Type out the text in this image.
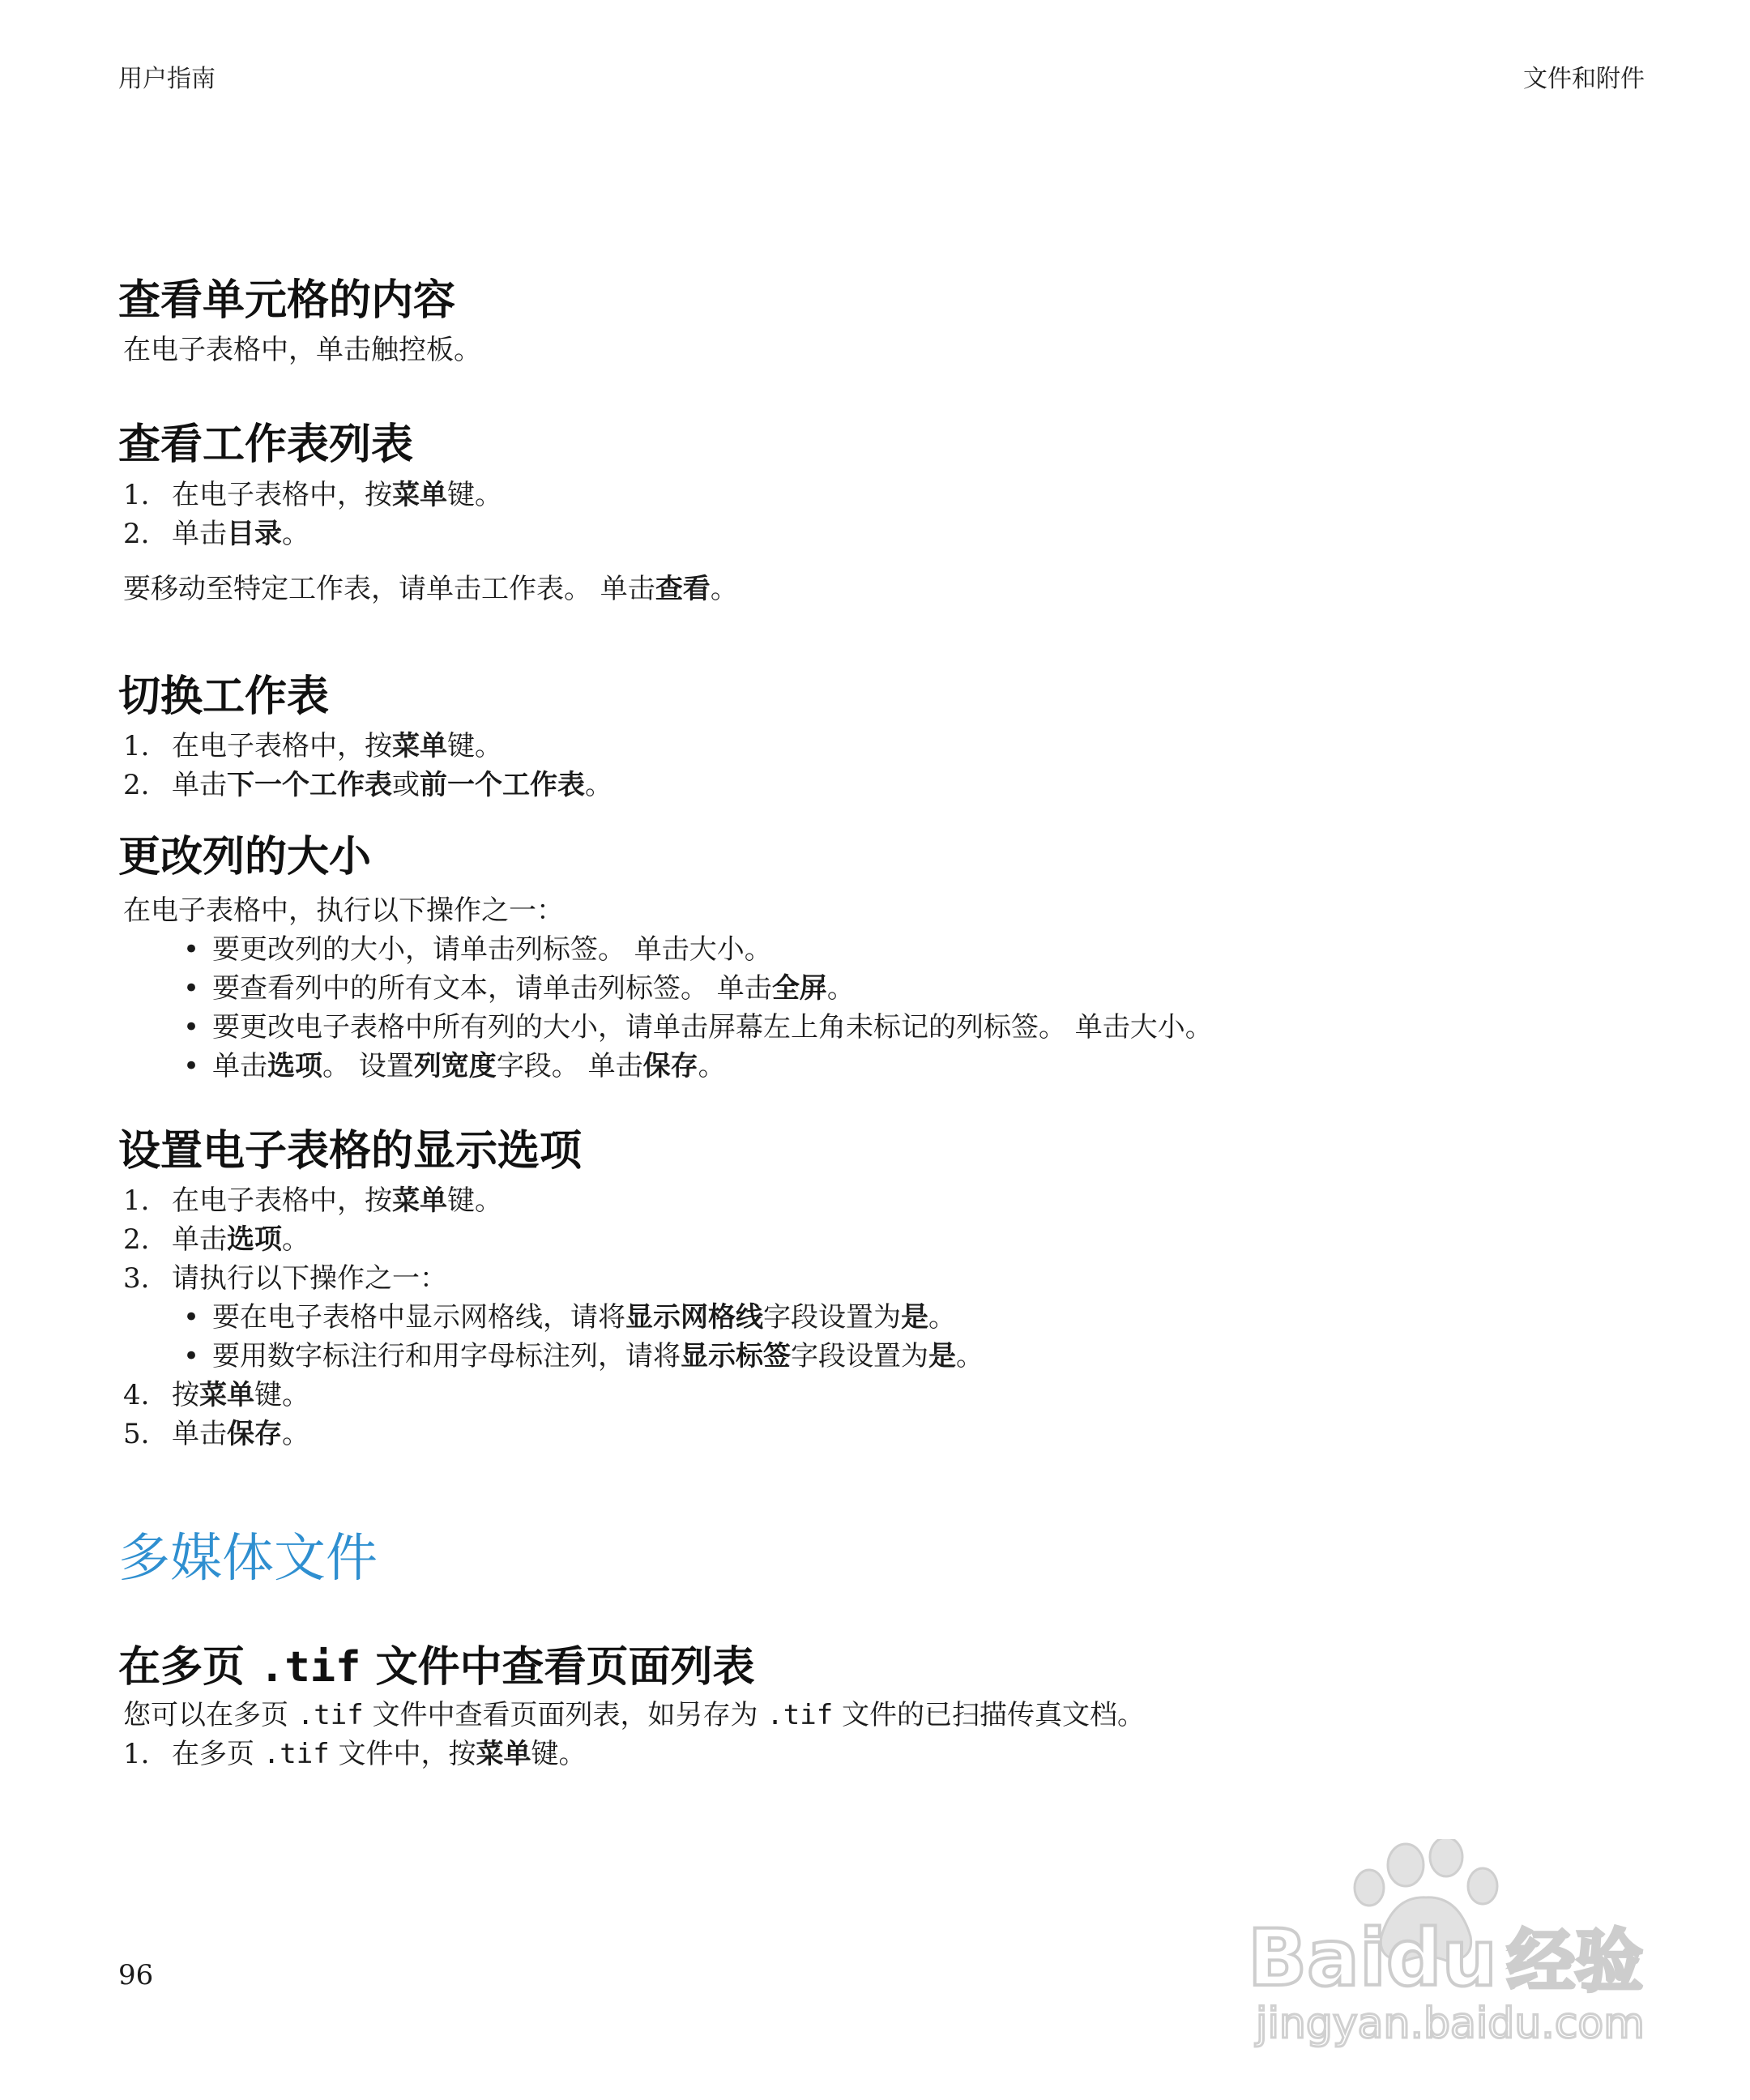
用户指南	文件和附件
查看单元格的内容

在电子表格中，单击触控板。

查看工作表列表
1. 在电子表格中，按菜单键。
2. 单击目录。

要移动至特定工作表，请单击工作表。 单击查看。

切换工作表
1. 在电子表格中，按菜单键。
2. 单击下一个工作表或前一个工作表。
更改列的大小

在电子表格中，执行以下操作之一：

• 要更改列的大小，请单击列标签。 单击大小。
• 要查看列中的所有文本，请单击列标签。 单击全屏。
• 要更改电子表格中所有列的大小，请单击屏幕左上角未标记的列标签。 单击大小。
• 单击选项。 设置列宽度字段。 单击保存。
设置电子表格的显示选项
1. 在电子表格中，按菜单键。
2. 单击选项。
3. 请执行以下操作之一：
• 要在电子表格中显示网格线，请将显示网格线字段设置为是。
• 要用数字标注行和用字母标注列，请将显示标签字段设置为是。
4. 按菜单键。
5. 单击保存。
多媒体文件
在多页 .tif 文件中查看页面列表

您可以在多页 .tif 文件中查看页面列表，如另存为 .tif 文件的已扫描传真文档。

1. 在多页 .tif 文件中，按菜单键。
96	Baidu 经验
jingyan.baidu.com
